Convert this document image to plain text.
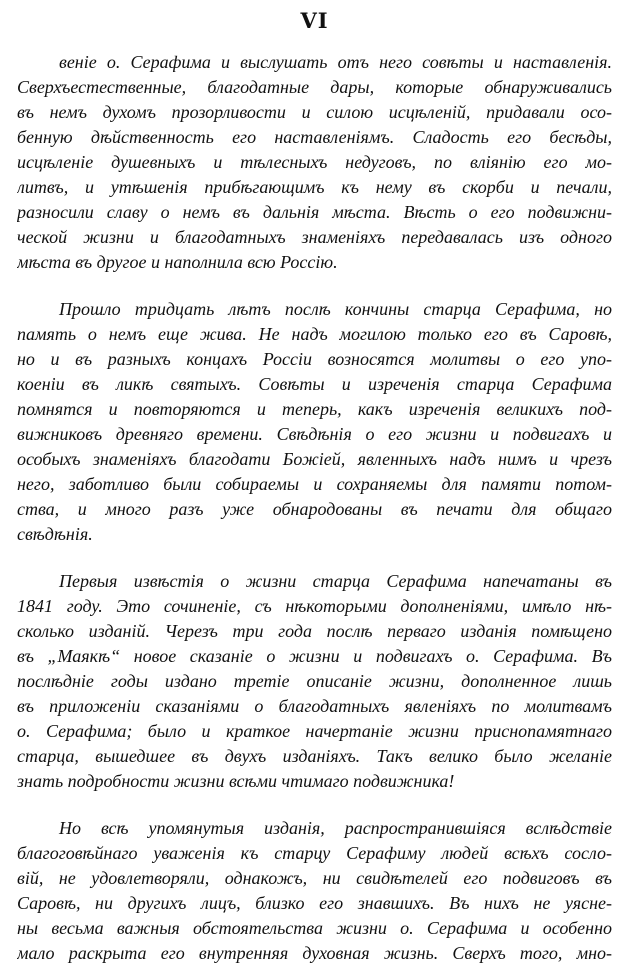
VI
веніе о. Серафима и выслушать отъ него совѣты и наставленія.
Сверхъестественные, благодатные дары, которые обнаруживались
въ немъ духомъ прозорливости и силою исцѣленій, придавали осо-
бенную дѣйственность его наставленіямъ. Сладость его бесѣды,
исцѣленіе душевныхъ и тѣлесныхъ недуговъ, по вліянію его мо-
литвъ, и утѣшенія прибѣгающимъ къ нему въ скорби и печали,
разносили славу о немъ въ дальнія мѣста. Вѣсть о его подвижни-
ческой жизни и благодатныхъ знаменіяхъ передавалась изъ одного
мѣста въ другое и наполнила всю Россію.
Прошло тридцать лѣтъ послѣ кончины старца Серафима, но
память о немъ еще жива. Не надъ могилою только его въ Саровѣ,
но и въ разныхъ концахъ Россіи возносятся молитвы о его упо-
коеніи въ ликѣ святыхъ. Совѣты и изреченія старца Серафима
помнятся и повторяются и теперь, какъ изреченія великихъ под-
вижниковъ древняго времени. Свѣдѣнія о его жизни и подвигахъ и
особыхъ знаменіяхъ благодати Божіей, явленныхъ надъ нимъ и чрезъ
него, заботливо были собираемы и сохраняемы для памяти потом-
ства, и много разъ уже обнародованы въ печати для общаго
свѣдѣнія.
Первыя извѣстія о жизни старца Серафима напечатаны въ
1841 году. Это сочиненіе, съ нѣкоторыми дополненіями, имѣло нѣ-
сколько изданій. Черезъ три года послѣ перваго изданія помѣщено
въ „Маякѣ“ новое сказаніе о жизни и подвигахъ о. Серафима. Въ
послѣдніе годы издано третіе описаніе жизни, дополненное лишь
въ приложеніи сказаніями о благодатныхъ явленіяхъ по молитвамъ
о. Серафима; было и краткое начертаніе жизни приснопамятнаго
старца, вышедшее въ двухъ изданіяхъ. Такъ велико было желаніе
знать подробности жизни всѣми чтимаго подвижника!
Но всѣ упомянутыя изданія, распространившіяся вслѣдствіе
благоговѣйнаго уваженія къ старцу Серафиму людей всѣхъ сосло-
вій, не удовлетворяли, однакожъ, ни свидѣтелей его подвиговъ въ
Саровѣ, ни другихъ лицъ, близко его знавшихъ. Въ нихъ не уясне-
ны весьма важныя обстоятельства жизни о. Серафима и особенно
мало раскрыта его внутренняя духовная жизнь. Сверхъ того, мно-
